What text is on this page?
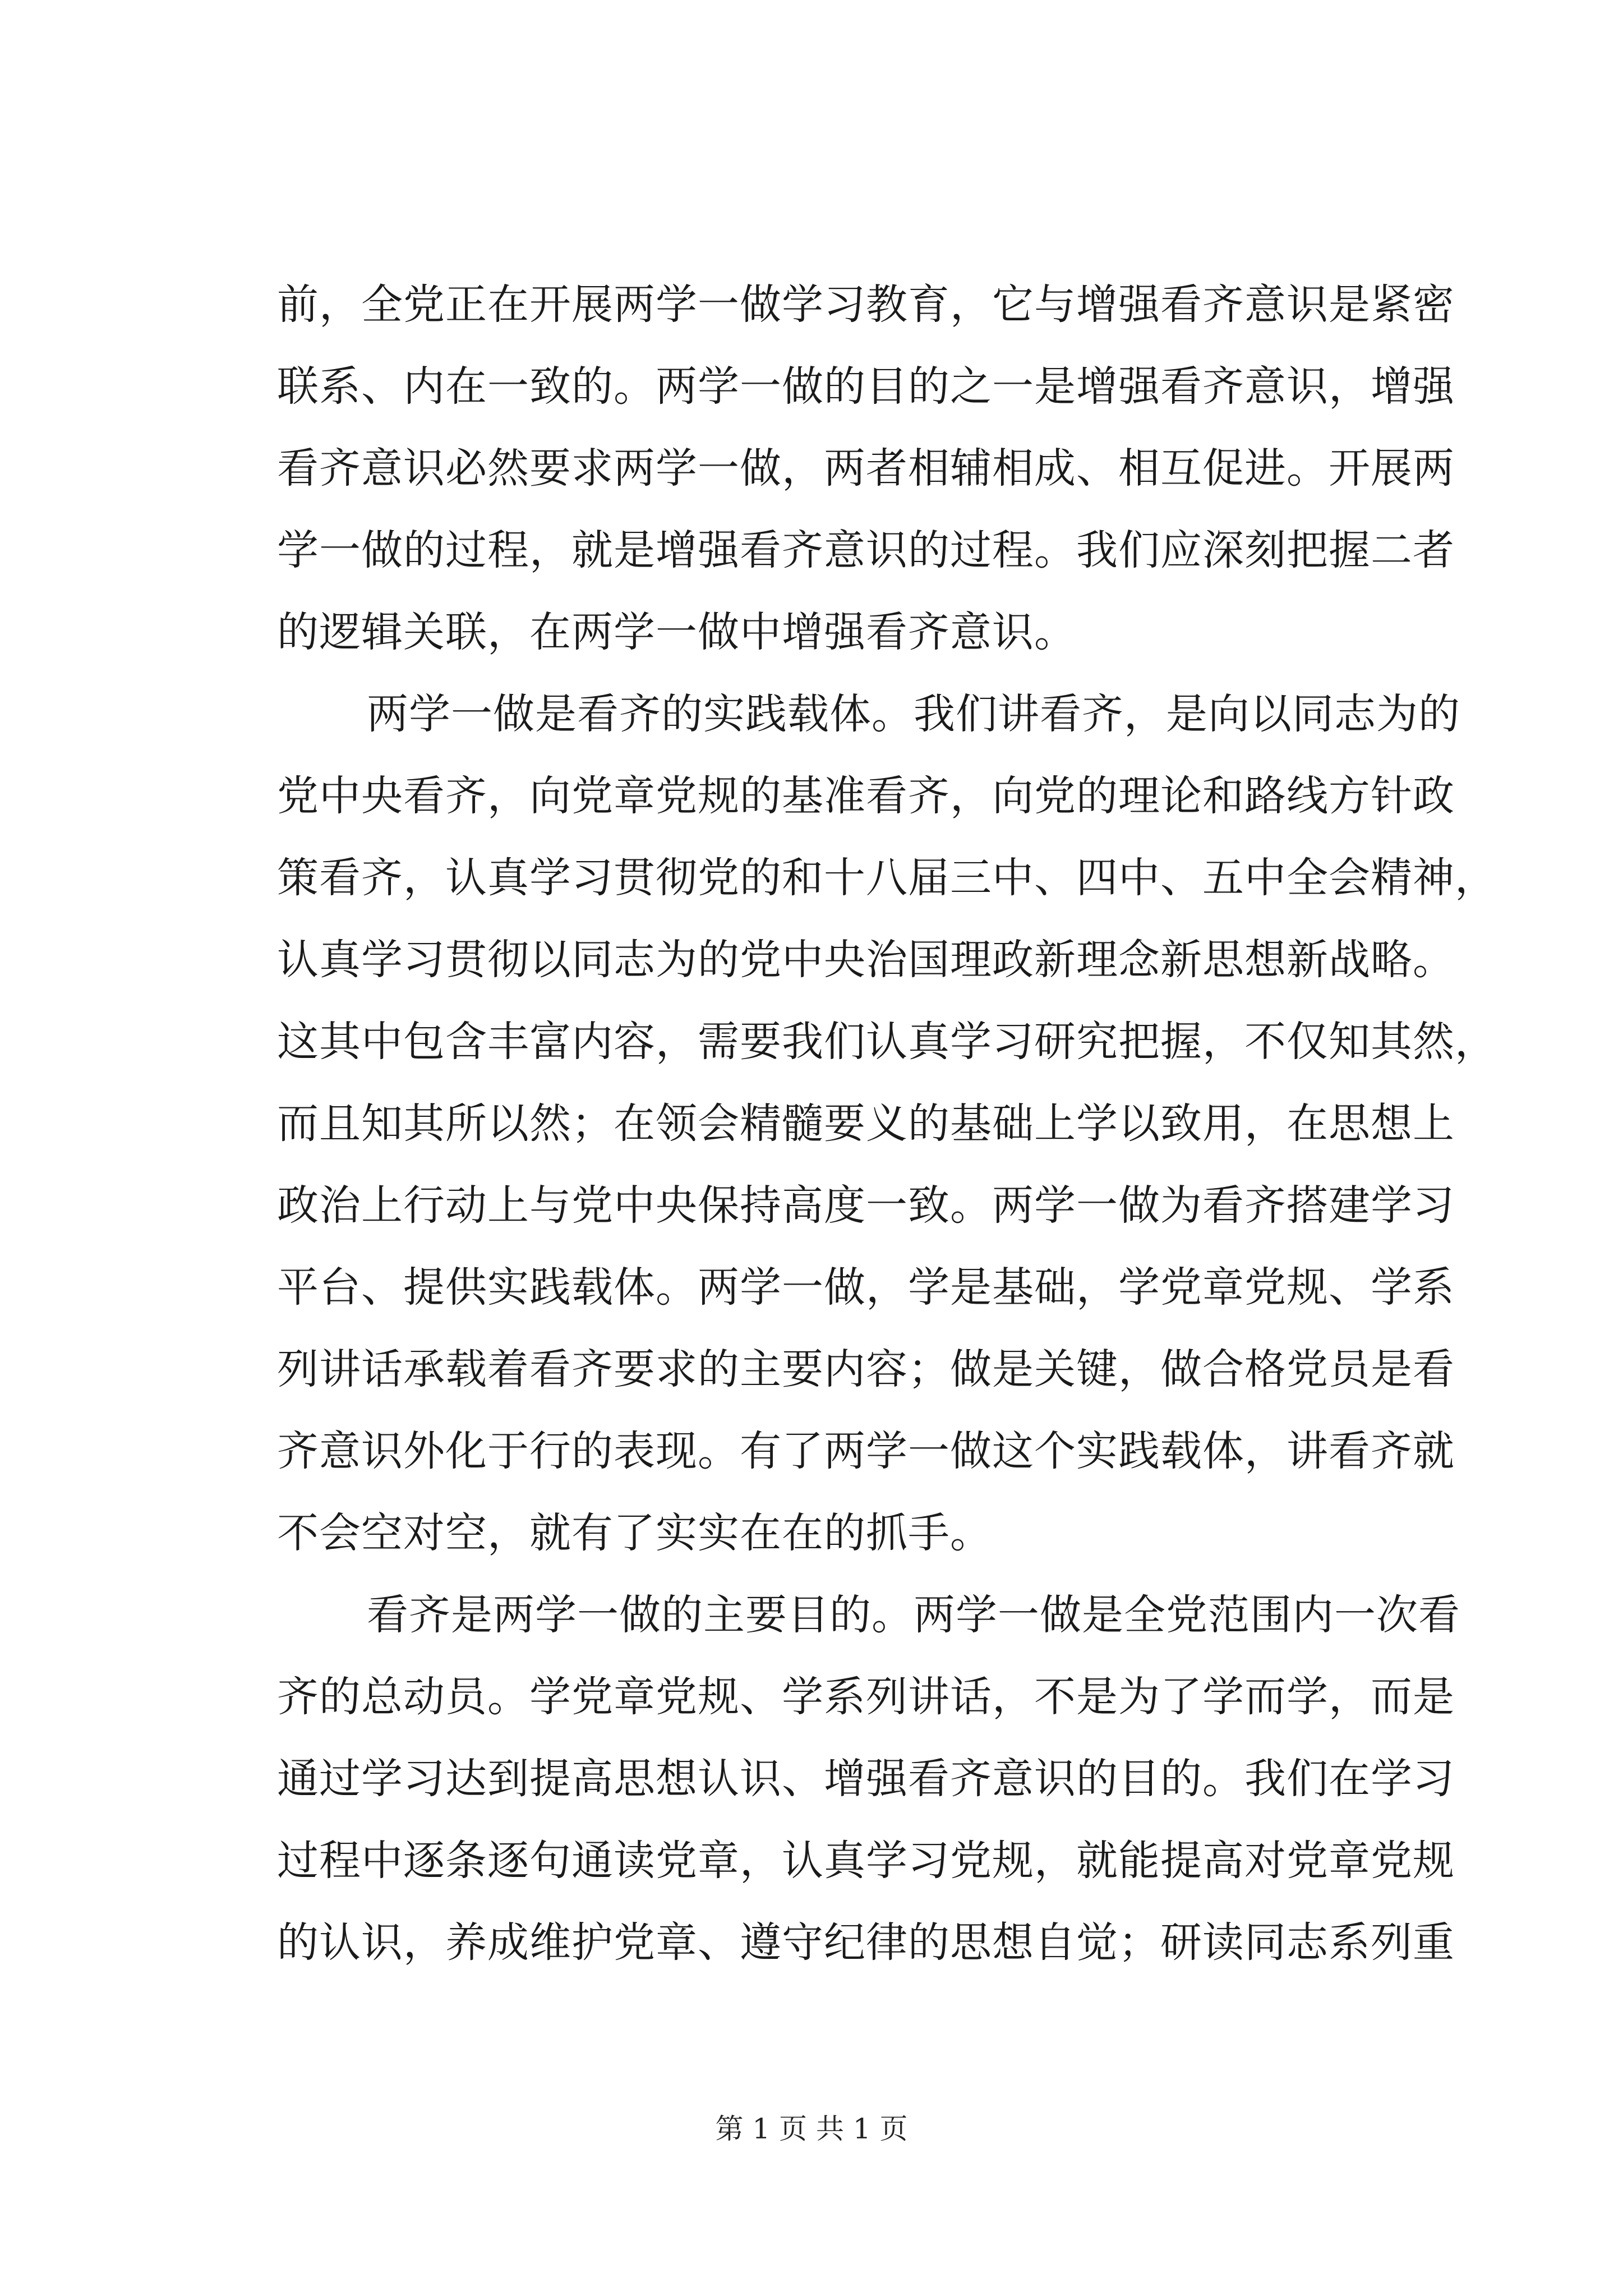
前，全党正在开展两学一做学习教育，它与增强看齐意识是紧密
联系、内在一致的。两学一做的目的之一是增强看齐意识，增强
看齐意识必然要求两学一做，两者相辅相成、相互促进。开展两
学一做的过程，就是增强看齐意识的过程。我们应深刻把握二者
的逻辑关联，在两学一做中增强看齐意识。
两学一做是看齐的实践载体。我们讲看齐，是向以同志为的
党中央看齐，向党章党规的基准看齐，向党的理论和路线方针政
策看齐，认真学习贯彻党的和十八届三中、四中、五中全会精神，
认真学习贯彻以同志为的党中央治国理政新理念新思想新战略。
这其中包含丰富内容，需要我们认真学习研究把握，不仅知其然，
而且知其所以然；在领会精髓要义的基础上学以致用，在思想上
政治上行动上与党中央保持高度一致。两学一做为看齐搭建学习
平台、提供实践载体。两学一做，学是基础，学党章党规、学系
列讲话承载着看齐要求的主要内容；做是关键，做合格党员是看
齐意识外化于行的表现。有了两学一做这个实践载体，讲看齐就
不会空对空，就有了实实在在的抓手。
看齐是两学一做的主要目的。两学一做是全党范围内一次看
齐的总动员。学党章党规、学系列讲话，不是为了学而学，而是
通过学习达到提高思想认识、增强看齐意识的目的。我们在学习
过程中逐条逐句通读党章，认真学习党规，就能提高对党章党规
的认识，养成维护党章、遵守纪律的思想自觉；研读同志系列重
第 1 页 共 1 页
